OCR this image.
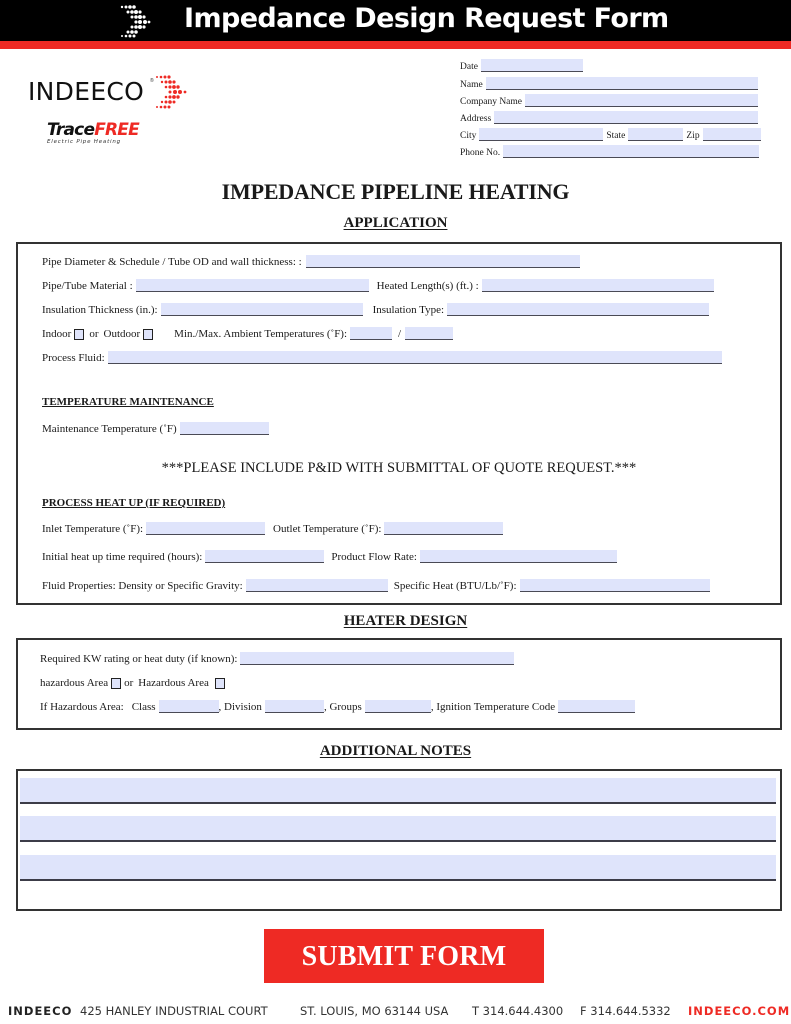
Impedance Design Request Form
INDEECO ®
TraceFREE
Electric Pipe Heating
Date
Name
Company Name
Address
City	State	Zip
Phone No.
IMPEDANCE PIPELINE HEATING
APPLICATION
Pipe Diameter & Schedule / Tube OD and wall thickness: :
Pipe/Tube Material :	Heated Length(s) (ft.) :
Insulation Thickness (in.):	Insulation Type:
Indoor or Outdoor	Min./Max. Ambient Temperatures (˚F):	/
Process Fluid:
TEMPERATURE MAINTENANCE
Maintenance Temperature (˚F)
***PLEASE INCLUDE P&ID WITH SUBMITTAL OF QUOTE REQUEST.***
PROCESS HEAT UP (IF REQUIRED)
Inlet Temperature (˚F):	Outlet Temperature (˚F):
Initial heat up time required (hours):	Product Flow Rate:
Fluid Properties: Density or Specific Gravity:	Specific Heat (BTU/Lb/˚F):
HEATER DESIGN
Required KW rating or heat duty (if known):
hazardous Area or Hazardous Area
If Hazardous Area: Class	, Division	, Groups	, Ignition Temperature Code
ADDITIONAL NOTES
SUBMIT FORM
INDEECO 425 HANLEY INDUSTRIAL COURT	ST. LOUIS, MO 63144 USA T 314.644.4300 F 314.644.5332 INDEECO.COM
